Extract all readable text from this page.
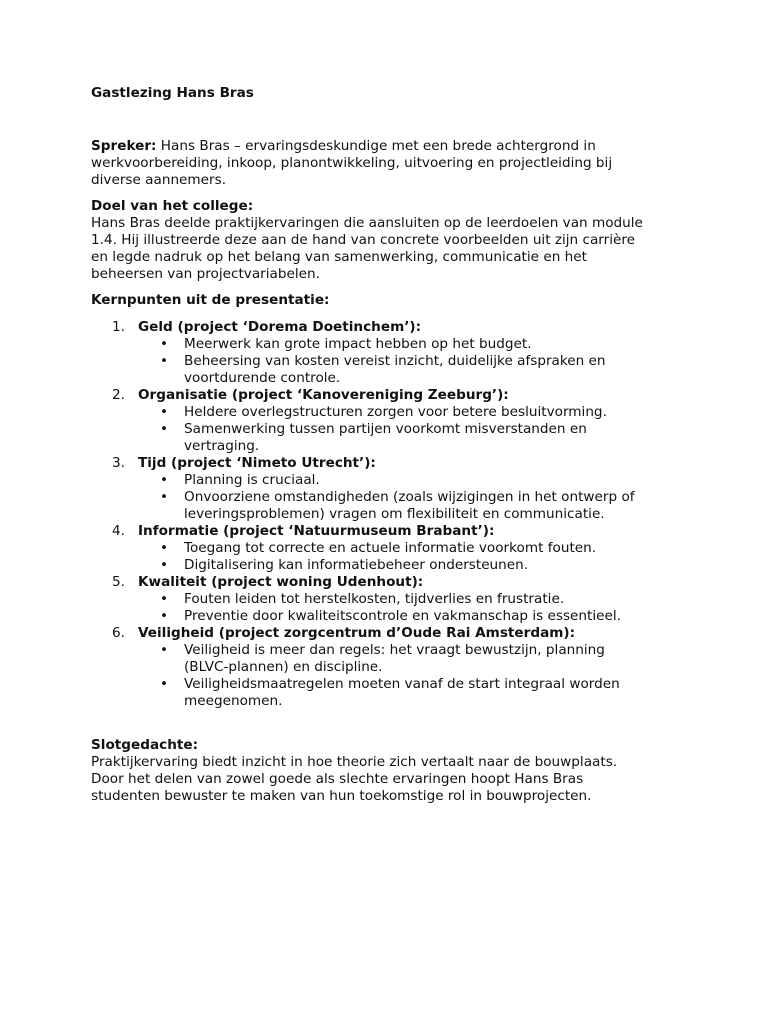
Gastlezing Hans Bras
Spreker: Hans Bras – ervaringsdeskundige met een brede achtergrond in
werkvoorbereiding, inkoop, planontwikkeling, uitvoering en projectleiding bij
diverse aannemers.
Doel van het college:
Hans Bras deelde praktijkervaringen die aansluiten op de leerdoelen van module
1.4. Hij illustreerde deze aan de hand van concrete voorbeelden uit zijn carrière
en legde nadruk op het belang van samenwerking, communicatie en het
beheersen van projectvariabelen.
Kernpunten uit de presentatie:
1. Geld (project ‘Dorema Doetinchem’):
• Meerwerk kan grote impact hebben op het budget.
• Beheersing van kosten vereist inzicht, duidelijke afspraken en
voortdurende controle.
2. Organisatie (project ‘Kanovereniging Zeeburg’):
• Heldere overlegstructuren zorgen voor betere besluitvorming.
• Samenwerking tussen partijen voorkomt misverstanden en
vertraging.
3. Tijd (project ‘Nimeto Utrecht’):
• Planning is cruciaal.
• Onvoorziene omstandigheden (zoals wijzigingen in het ontwerp of
leveringsproblemen) vragen om flexibiliteit en communicatie.
4. Informatie (project ‘Natuurmuseum Brabant’):
• Toegang tot correcte en actuele informatie voorkomt fouten.
• Digitalisering kan informatiebeheer ondersteunen.
5. Kwaliteit (project woning Udenhout):
• Fouten leiden tot herstelkosten, tijdverlies en frustratie.
• Preventie door kwaliteitscontrole en vakmanschap is essentieel.
6. Veiligheid (project zorgcentrum d’Oude Rai Amsterdam):
• Veiligheid is meer dan regels: het vraagt bewustzijn, planning
(BLVC-plannen) en discipline.
• Veiligheidsmaatregelen moeten vanaf de start integraal worden
meegenomen.
Slotgedachte:
Praktijkervaring biedt inzicht in hoe theorie zich vertaalt naar de bouwplaats.
Door het delen van zowel goede als slechte ervaringen hoopt Hans Bras
studenten bewuster te maken van hun toekomstige rol in bouwprojecten.
